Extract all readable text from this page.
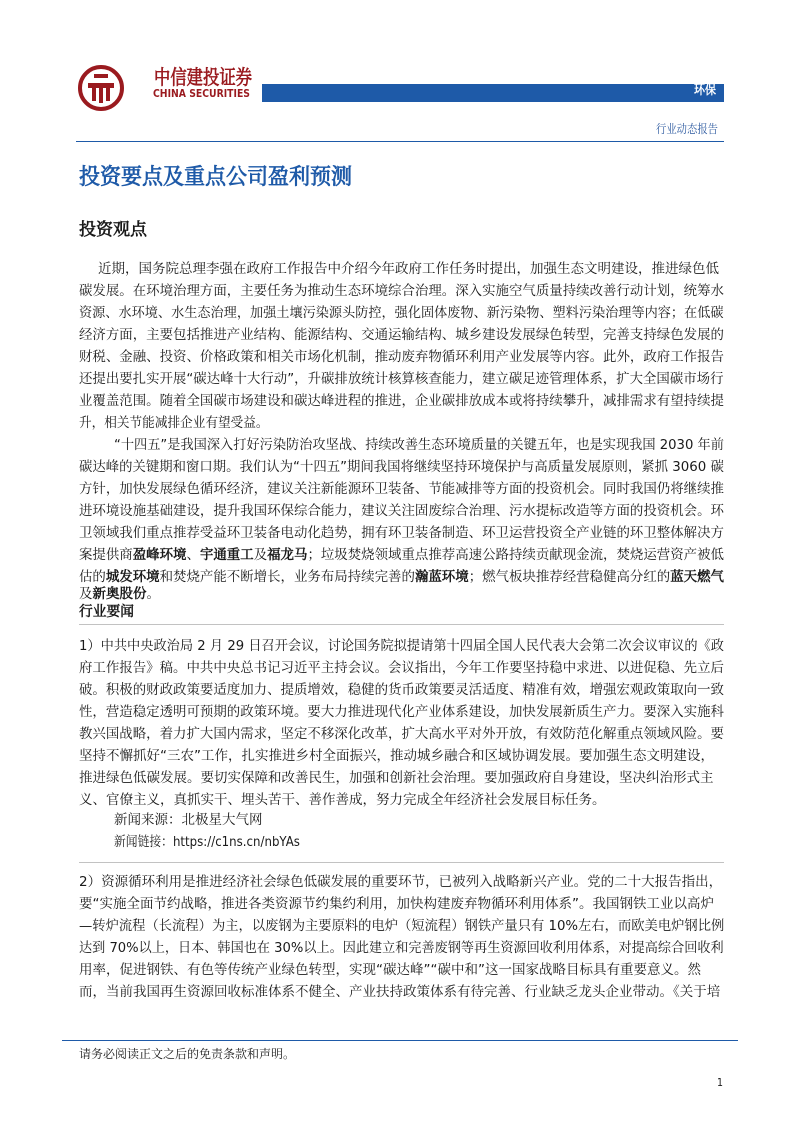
中信建投证券
CHINA SECURITIES	环保
行业动态报告
投资要点及重点公司盈利预测
投资观点
近期，国务院总理李强在政府工作报告中介绍今年政府工作任务时提出，加强生态文明建设，推进绿色低
碳发展。在环境治理方面，主要任务为推动生态环境综合治理。深入实施空气质量持续改善行动计划，统筹水
资源、水环境、水生态治理，加强土壤污染源头防控，强化固体废物、新污染物、塑料污染治理等内容；在低碳
经济方面，主要包括推进产业结构、能源结构、交通运输结构、城乡建设发展绿色转型，完善支持绿色发展的
财税、金融、投资、价格政策和相关市场化机制，推动废弃物循环利用产业发展等内容。此外，政府工作报告
还提出要扎实开展“碳达峰十大行动”，升碳排放统计核算核查能力，建立碳足迹管理体系，扩大全国碳市场行
业覆盖范围。随着全国碳市场建设和碳达峰进程的推进，企业碳排放成本或将持续攀升，减排需求有望持续提
升，相关节能减排企业有望受益。
“十四五”是我国深入打好污染防治攻坚战、持续改善生态环境质量的关键五年，也是实现我国 2030 年前
碳达峰的关键期和窗口期。我们认为“十四五”期间我国将继续坚持环境保护与高质量发展原则，紧抓 3060 碳
方针，加快发展绿色循环经济，建议关注新能源环卫装备、节能减排等方面的投资机会。同时我国仍将继续推
进环境设施基础建设，提升我国环保综合能力，建议关注固废综合治理、污水提标改造等方面的投资机会。环
卫领域我们重点推荐受益环卫装备电动化趋势，拥有环卫装备制造、环卫运营投资全产业链的环卫整体解决方
案提供商盈峰环境、宇通重工及福龙马；垃圾焚烧领域重点推荐高速公路持续贡献现金流，焚烧运营资产被低
估的城发环境和焚烧产能不断增长，业务布局持续完善的瀚蓝环境；燃气板块推荐经营稳健高分红的蓝天燃气
及新奥股份。
行业要闻
1）中共中央政治局 2 月 29 日召开会议，讨论国务院拟提请第十四届全国人民代表大会第二次会议审议的《政
府工作报告》稿。中共中央总书记习近平主持会议。会议指出，今年工作要坚持稳中求进、以进促稳、先立后
破。积极的财政政策要适度加力、提质增效，稳健的货币政策要灵活适度、精准有效，增强宏观政策取向一致
性，营造稳定透明可预期的政策环境。要大力推进现代化产业体系建设，加快发展新质生产力。要深入实施科
教兴国战略，着力扩大国内需求，坚定不移深化改革，扩大高水平对外开放，有效防范化解重点领域风险。要
坚持不懈抓好“三农”工作，扎实推进乡村全面振兴，推动城乡融合和区域协调发展。要加强生态文明建设，
推进绿色低碳发展。要切实保障和改善民生，加强和创新社会治理。要加强政府自身建设，坚决纠治形式主
义、官僚主义，真抓实干、埋头苦干、善作善成，努力完成全年经济社会发展目标任务。
新闻来源：北极星大气网
新闻链接：https://c1ns.cn/nbYAs
2）资源循环利用是推进经济社会绿色低碳发展的重要环节，已被列入战略新兴产业。党的二十大报告指出，
要“实施全面节约战略，推进各类资源节约集约利用，加快构建废弃物循环利用体系”。我国钢铁工业以高炉
—转炉流程（长流程）为主，以废钢为主要原料的电炉（短流程）钢铁产量只有 10%左右，而欧美电炉钢比例
达到 70%以上，日本、韩国也在 30%以上。因此建立和完善废钢等再生资源回收利用体系，对提高综合回收利
用率，促进钢铁、有色等传统产业绿色转型，实现“碳达峰”“碳中和”这一国家战略目标具有重要意义。然
而，当前我国再生资源回收标准体系不健全、产业扶持政策体系有待完善、行业缺乏龙头企业带动。《关于培
请务必阅读正文之后的免责条款和声明。
1
